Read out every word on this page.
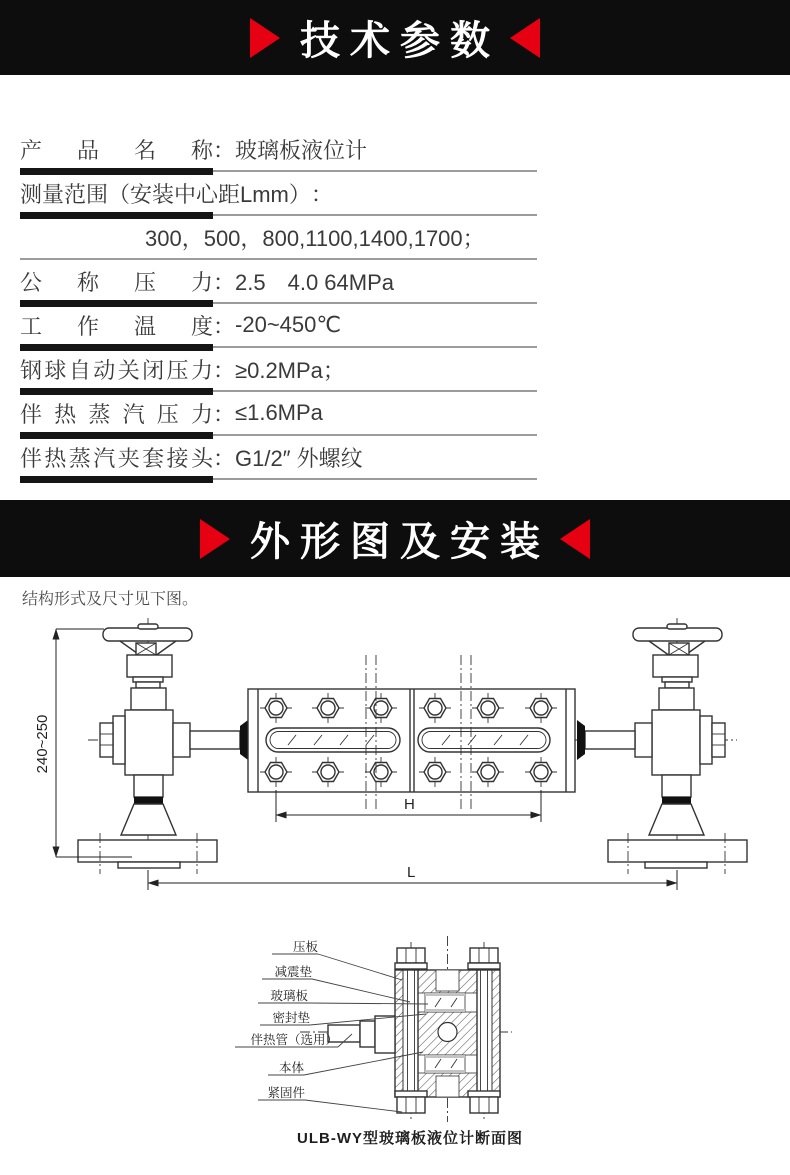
技术参数
产品名称 ： 玻璃板液位计
测量范围（安装中心距Lmm） ：
300，500，800,1100,1400,1700；
公称压力 ： 2.5　4.0 64MPa
工作温度 ： -20~450℃
钢球自动关闭压力 ： ≥0.2MPa；
伴热蒸汽压力 ： ≤1.6MPa
伴热蒸汽夹套接头 ： G1/2″ 外螺纹
外形图及安装
结构形式及尺寸见下图。
H
L
240~250
压板
减震垫
玻璃板
密封垫
伴热管（选用）
本体
紧固件
ULB-WY型玻璃板液位计断面图
